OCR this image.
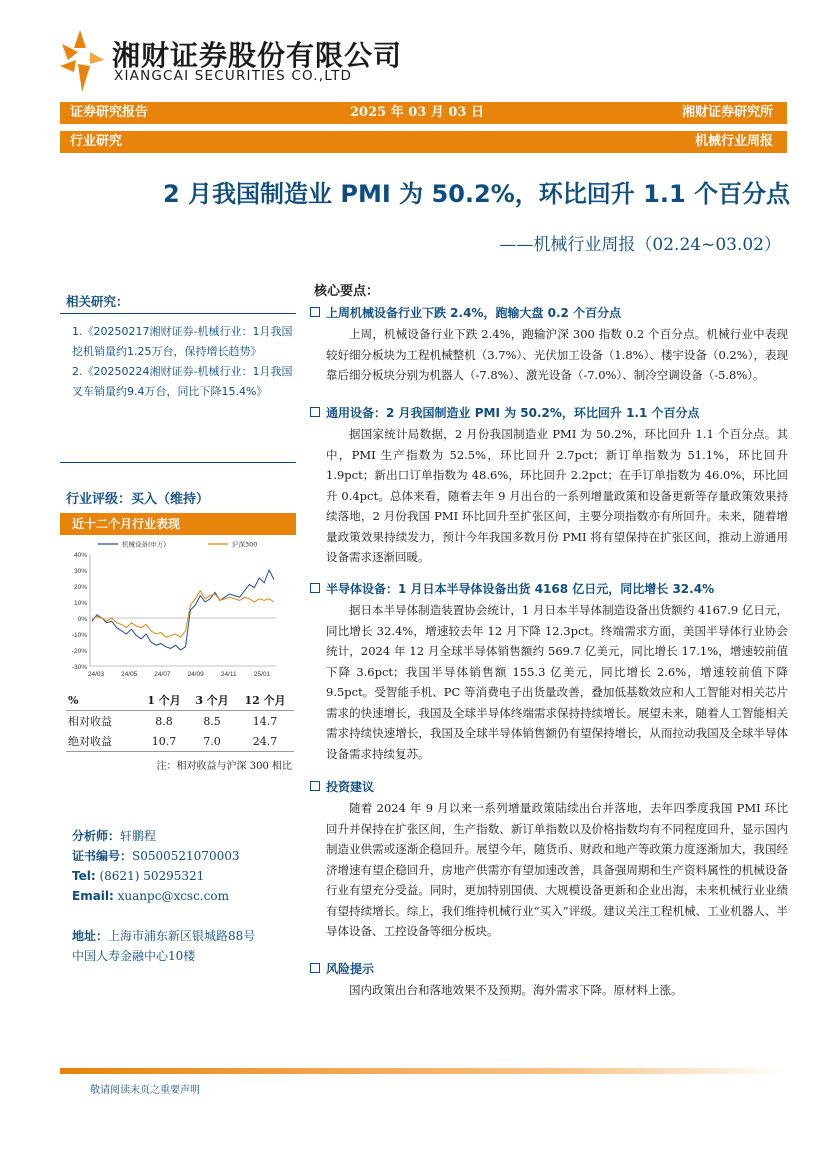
湘财证券股份有限公司
XIANGCAI SECURITIES CO.,LTD
证券研究报告	2025 年 03 月 03 日	湘财证券研究所
行业研究	机械行业周报
2 月我国制造业 PMI 为 50.2%，环比回升 1.1 个百分点
——机械行业周报（02.24~03.02）
相关研究：

1.《20250217湘财证券-机械行业：1月我国挖机销量约1.25万台，保持增长趋势》

2.《20250224湘财证券-机械行业：1月我国叉车销量约9.4万台，同比下降15.4%》

行业评级：买入（维持）
近十二个月行业表现
40%
30%
20%
10%
0%
-10%
-20%
-30%
24/03	24/05	24/07	24/09	24/11	25/01
机械设备(申万)	沪深300
%	1 个月	3 个月	12 个月
相对收益	8.8	8.5	14.7
绝对收益	10.7	7.0	24.7
注：相对收益与沪深 300 相比
分析师：轩鹏程
证书编号：S0500521070003
Tel: (8621) 50295321
Email: xuanpc@xcsc.com
地址：上海市浦东新区银城路88号
中国人寿金融中心10楼
核心要点：
上周机械设备行业下跌 2.4%，跑输大盘 0.2 个百分点
上周，机械设备行业下跌 2.4%，跑输沪深 300 指数 0.2 个百分点。机械行业中表现较好细分板块为工程机械整机（3.7%）、光伏加工设备（1.8%）、楼宇设备（0.2%），表现靠后细分板块分别为机器人（-7.8%）、激光设备（-7.0%）、制冷空调设备（-5.8%）。
通用设备：2 月我国制造业 PMI 为 50.2%，环比回升 1.1 个百分点
据国家统计局数据，2 月份我国制造业 PMI 为 50.2%，环比回升 1.1 个百分点。其中，PMI 生产指数为 52.5%，环比回升 2.7pct；新订单指数为 51.1%，环比回升 1.9pct；新出口订单指数为 48.6%，环比回升 2.2pct；在手订单指数为 46.0%，环比回升 0.4pct。总体来看，随着去年 9 月出台的一系列增量政策和设备更新等存量政策效果持续落地，2 月份我国 PMI 环比回升至扩张区间，主要分项指数亦有所回升。未来，随着增量政策效果持续发力，预计今年我国多数月份 PMI 将有望保持在扩张区间，推动上游通用设备需求逐渐回暖。
半导体设备：1 月日本半导体设备出货 4168 亿日元，同比增长 32.4%
据日本半导体制造装置协会统计，1 月日本半导体制造设备出货额约 4167.9 亿日元，同比增长 32.4%，增速较去年 12 月下降 12.3pct。终端需求方面，美国半导体行业协会统计，2024 年 12 月全球半导体销售额约 569.7 亿美元，同比增长 17.1%，增速较前值下降 3.6pct；我国半导体销售额 155.3 亿美元，同比增长 2.6%，增速较前值下降 9.5pct。受智能手机、PC 等消费电子出货量改善，叠加低基数效应和人工智能对相关芯片需求的快速增长，我国及全球半导体终端需求保持持续增长。展望未来，随着人工智能相关需求持续快速增长，我国及全球半导体销售额仍有望保持增长，从而拉动我国及全球半导体设备需求持续复苏。
投资建议
随着 2024 年 9 月以来一系列增量政策陆续出台并落地，去年四季度我国 PMI 环比回升并保持在扩张区间，生产指数、新订单指数以及价格指数均有不同程度回升，显示国内制造业供需或逐渐企稳回升。展望今年，随货币、财政和地产等政策力度逐渐加大，我国经济增速有望企稳回升，房地产供需亦有望加速改善，具备强周期和生产资料属性的机械设备行业有望充分受益。同时，更加特别国债、大规模设备更新和企业出海，未来机械行业业绩有望持续增长。综上，我们维持机械行业“买入”评级。建议关注工程机械、工业机器人、半导体设备、工控设备等细分板块。
风险提示
国内政策出台和落地效果不及预期。海外需求下降。原材料上涨。
敬请阅读末页之重要声明
